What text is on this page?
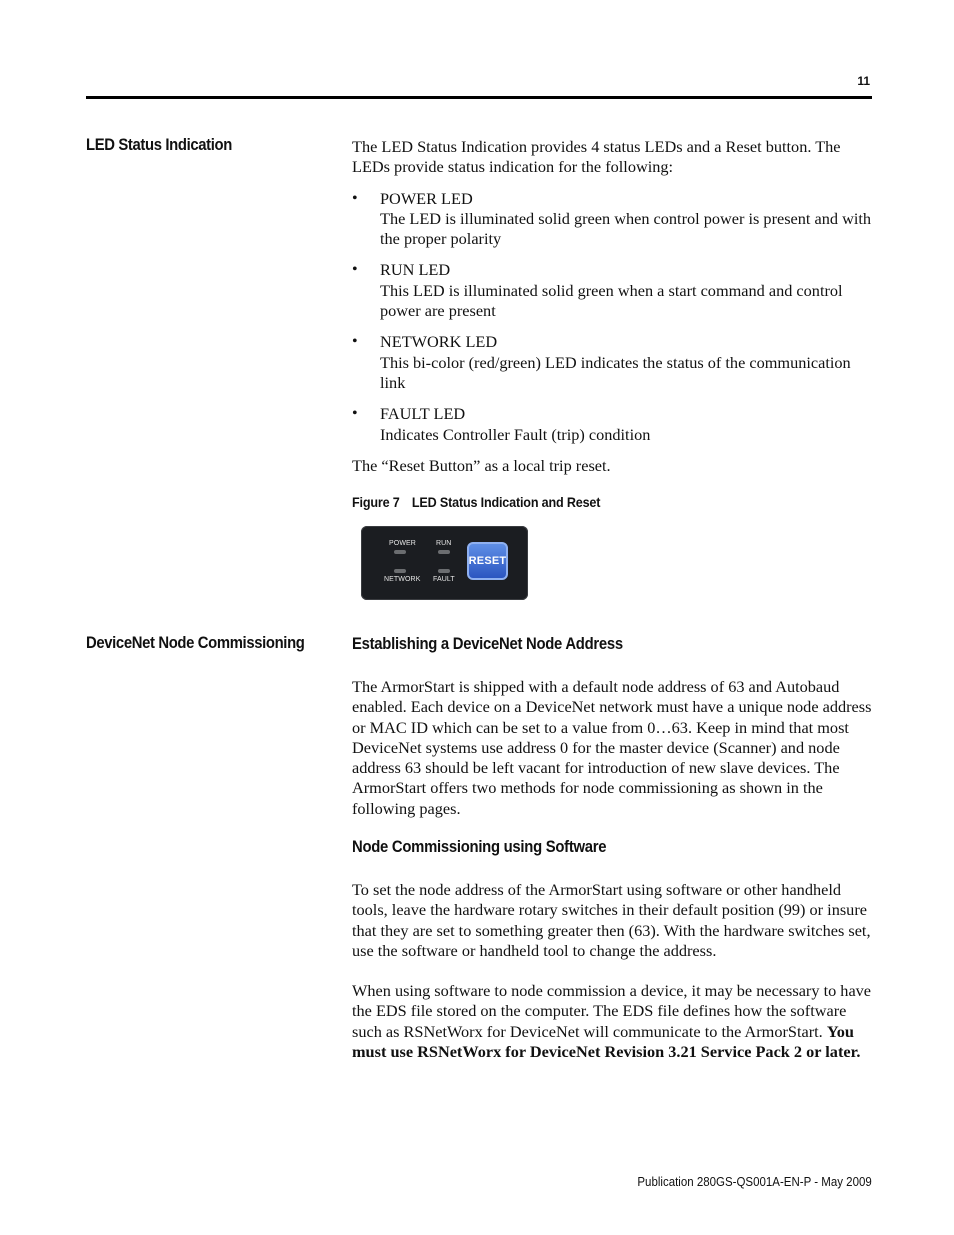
11
LED Status Indication	The LED Status Indication provides 4 status LEDs and a Reset button. The LEDs provide status indication for the following:

• POWER LED
The LED is illuminated solid green when control power is present and with the proper polarity
• RUN LED
This LED is illuminated solid green when a start command and control power are present
• NETWORK LED
This bi-color (red/green) LED indicates the status of the communication link
• FAULT LED
Indicates Controller Fault (trip) condition

The “Reset Button” as a local trip reset.

Figure 7 LED Status Indication and Reset
POWER	RUN
NETWORK FAULT
RESET
DeviceNet Node Commissioning	Establishing a DeviceNet Node Address

The ArmorStart is shipped with a default node address of 63 and Autobaud enabled. Each device on a DeviceNet network must have a unique node address or MAC ID which can be set to a value from 0…63. Keep in mind that most DeviceNet systems use address 0 for the master device (Scanner) and node address 63 should be left vacant for introduction of new slave devices. The ArmorStart offers two methods for node commissioning as shown in the following pages.

Node Commissioning using Software

To set the node address of the ArmorStart using software or other handheld tools, leave the hardware rotary switches in their default position (99) or insure that they are set to something greater then (63). With the hardware switches set, use the software or handheld tool to change the address.

When using software to node commission a device, it may be necessary to have the EDS file stored on the computer. The EDS file defines how the software such as RSNetWorx for DeviceNet will communicate to the ArmorStart. You must use RSNetWorx for DeviceNet Revision 3.21 Service Pack 2 or later.

Publication 280GS-QS001A-EN-P - May 2009
